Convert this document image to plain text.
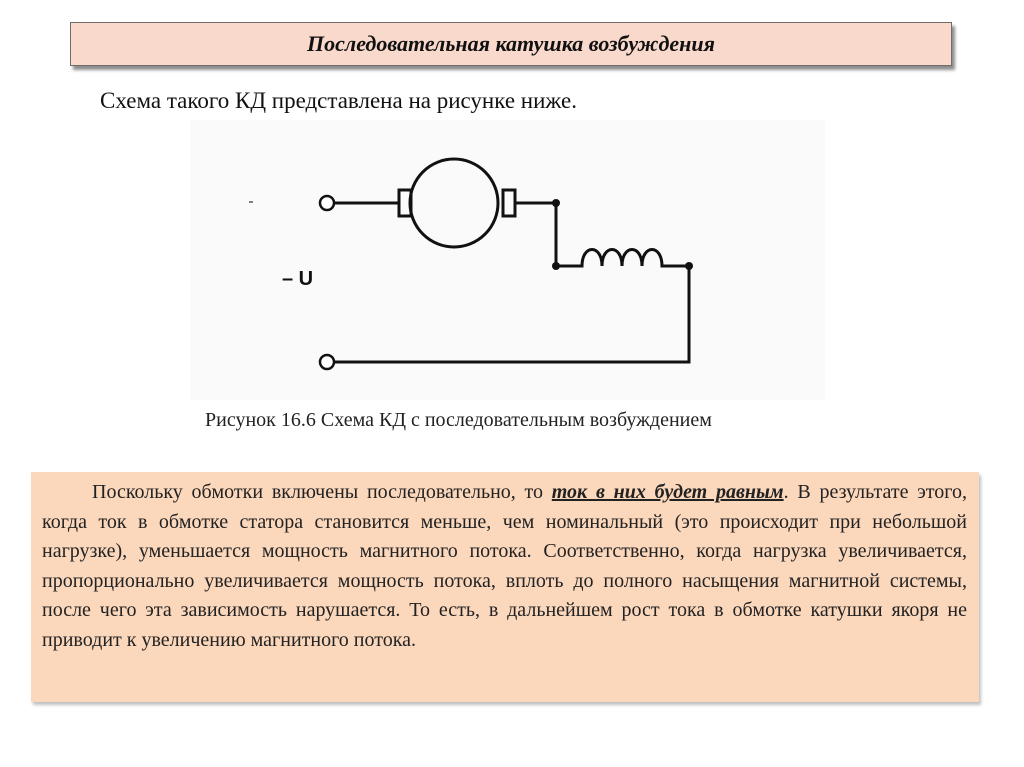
Последовательная катушка возбуждения
Схема такого КД представлена на рисунке ниже.
– U
Рисунок 16.6 Схема КД с последовательным возбуждением
Поскольку обмотки включены последовательно, то ток в них будет равным. В результате этого, когда ток в обмотке статора становится меньше, чем номинальный (это происходит при небольшой нагрузке), уменьшается мощность магнитного потока. Соответственно, когда нагрузка увеличивается, пропорционально увеличивается мощность потока, вплоть до полного насыщения магнитной системы, после чего эта зависимость нарушается. То есть, в дальнейшем рост тока в обмотке катушки якоря не приводит к увеличению магнитного потока.
